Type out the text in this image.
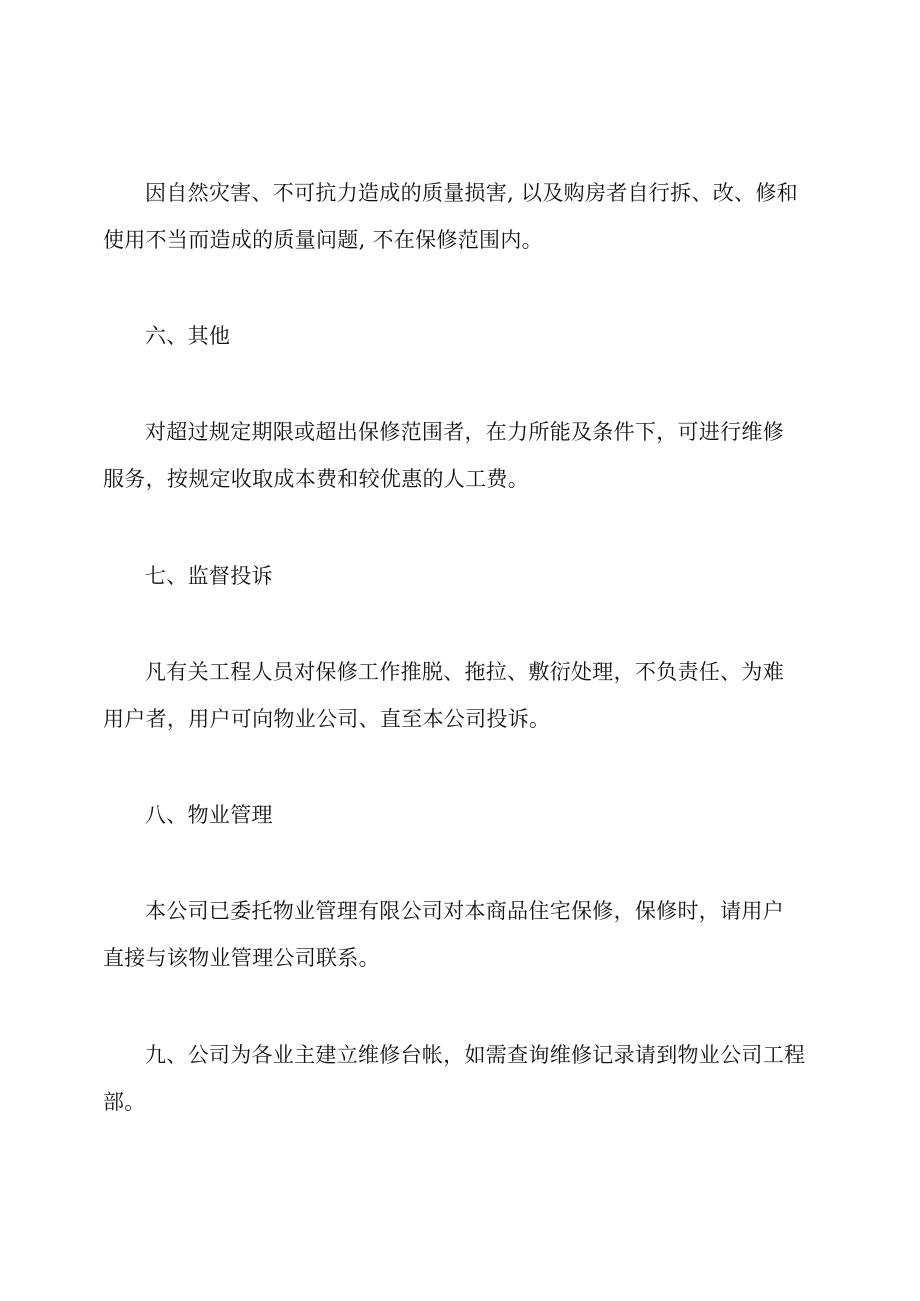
因自然灾害、不可抗力造成的质量损害, 以及购房者自行拆、改、修和
使用不当而造成的质量问题, 不在保修范围内。

六、其他

对超过规定期限或超出保修范围者，在力所能及条件下，可进行维修
服务，按规定收取成本费和较优惠的人工费。

七、监督投诉

凡有关工程人员对保修工作推脱、拖拉、敷衍处理，不负责任、为难
用户者，用户可向物业公司、直至本公司投诉。

八、物业管理

本公司已委托物业管理有限公司对本商品住宅保修，保修时，请用户
直接与该物业管理公司联系。

九、公司为各业主建立维修台帐，如需查询维修记录请到物业公司工程
部。
